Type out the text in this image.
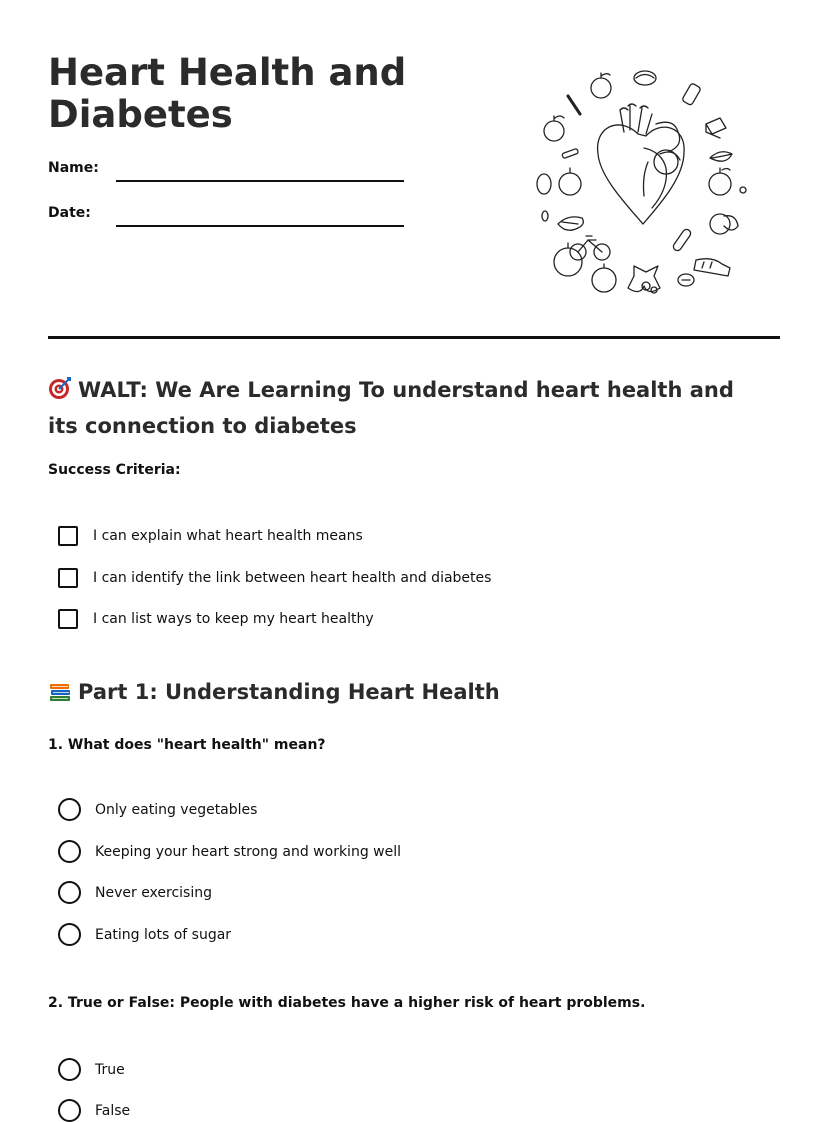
Heart Health and Diabetes
Name:
Date:
WALT: We Are Learning To understand heart health and its connection to diabetes
Success Criteria:
I can explain what heart health means
I can identify the link between heart health and diabetes
I can list ways to keep my heart healthy
Part 1: Understanding Heart Health
1. What does "heart health" mean?
Only eating vegetables
Keeping your heart strong and working well
Never exercising
Eating lots of sugar
2. True or False: People with diabetes have a higher risk of heart problems.
True
False
